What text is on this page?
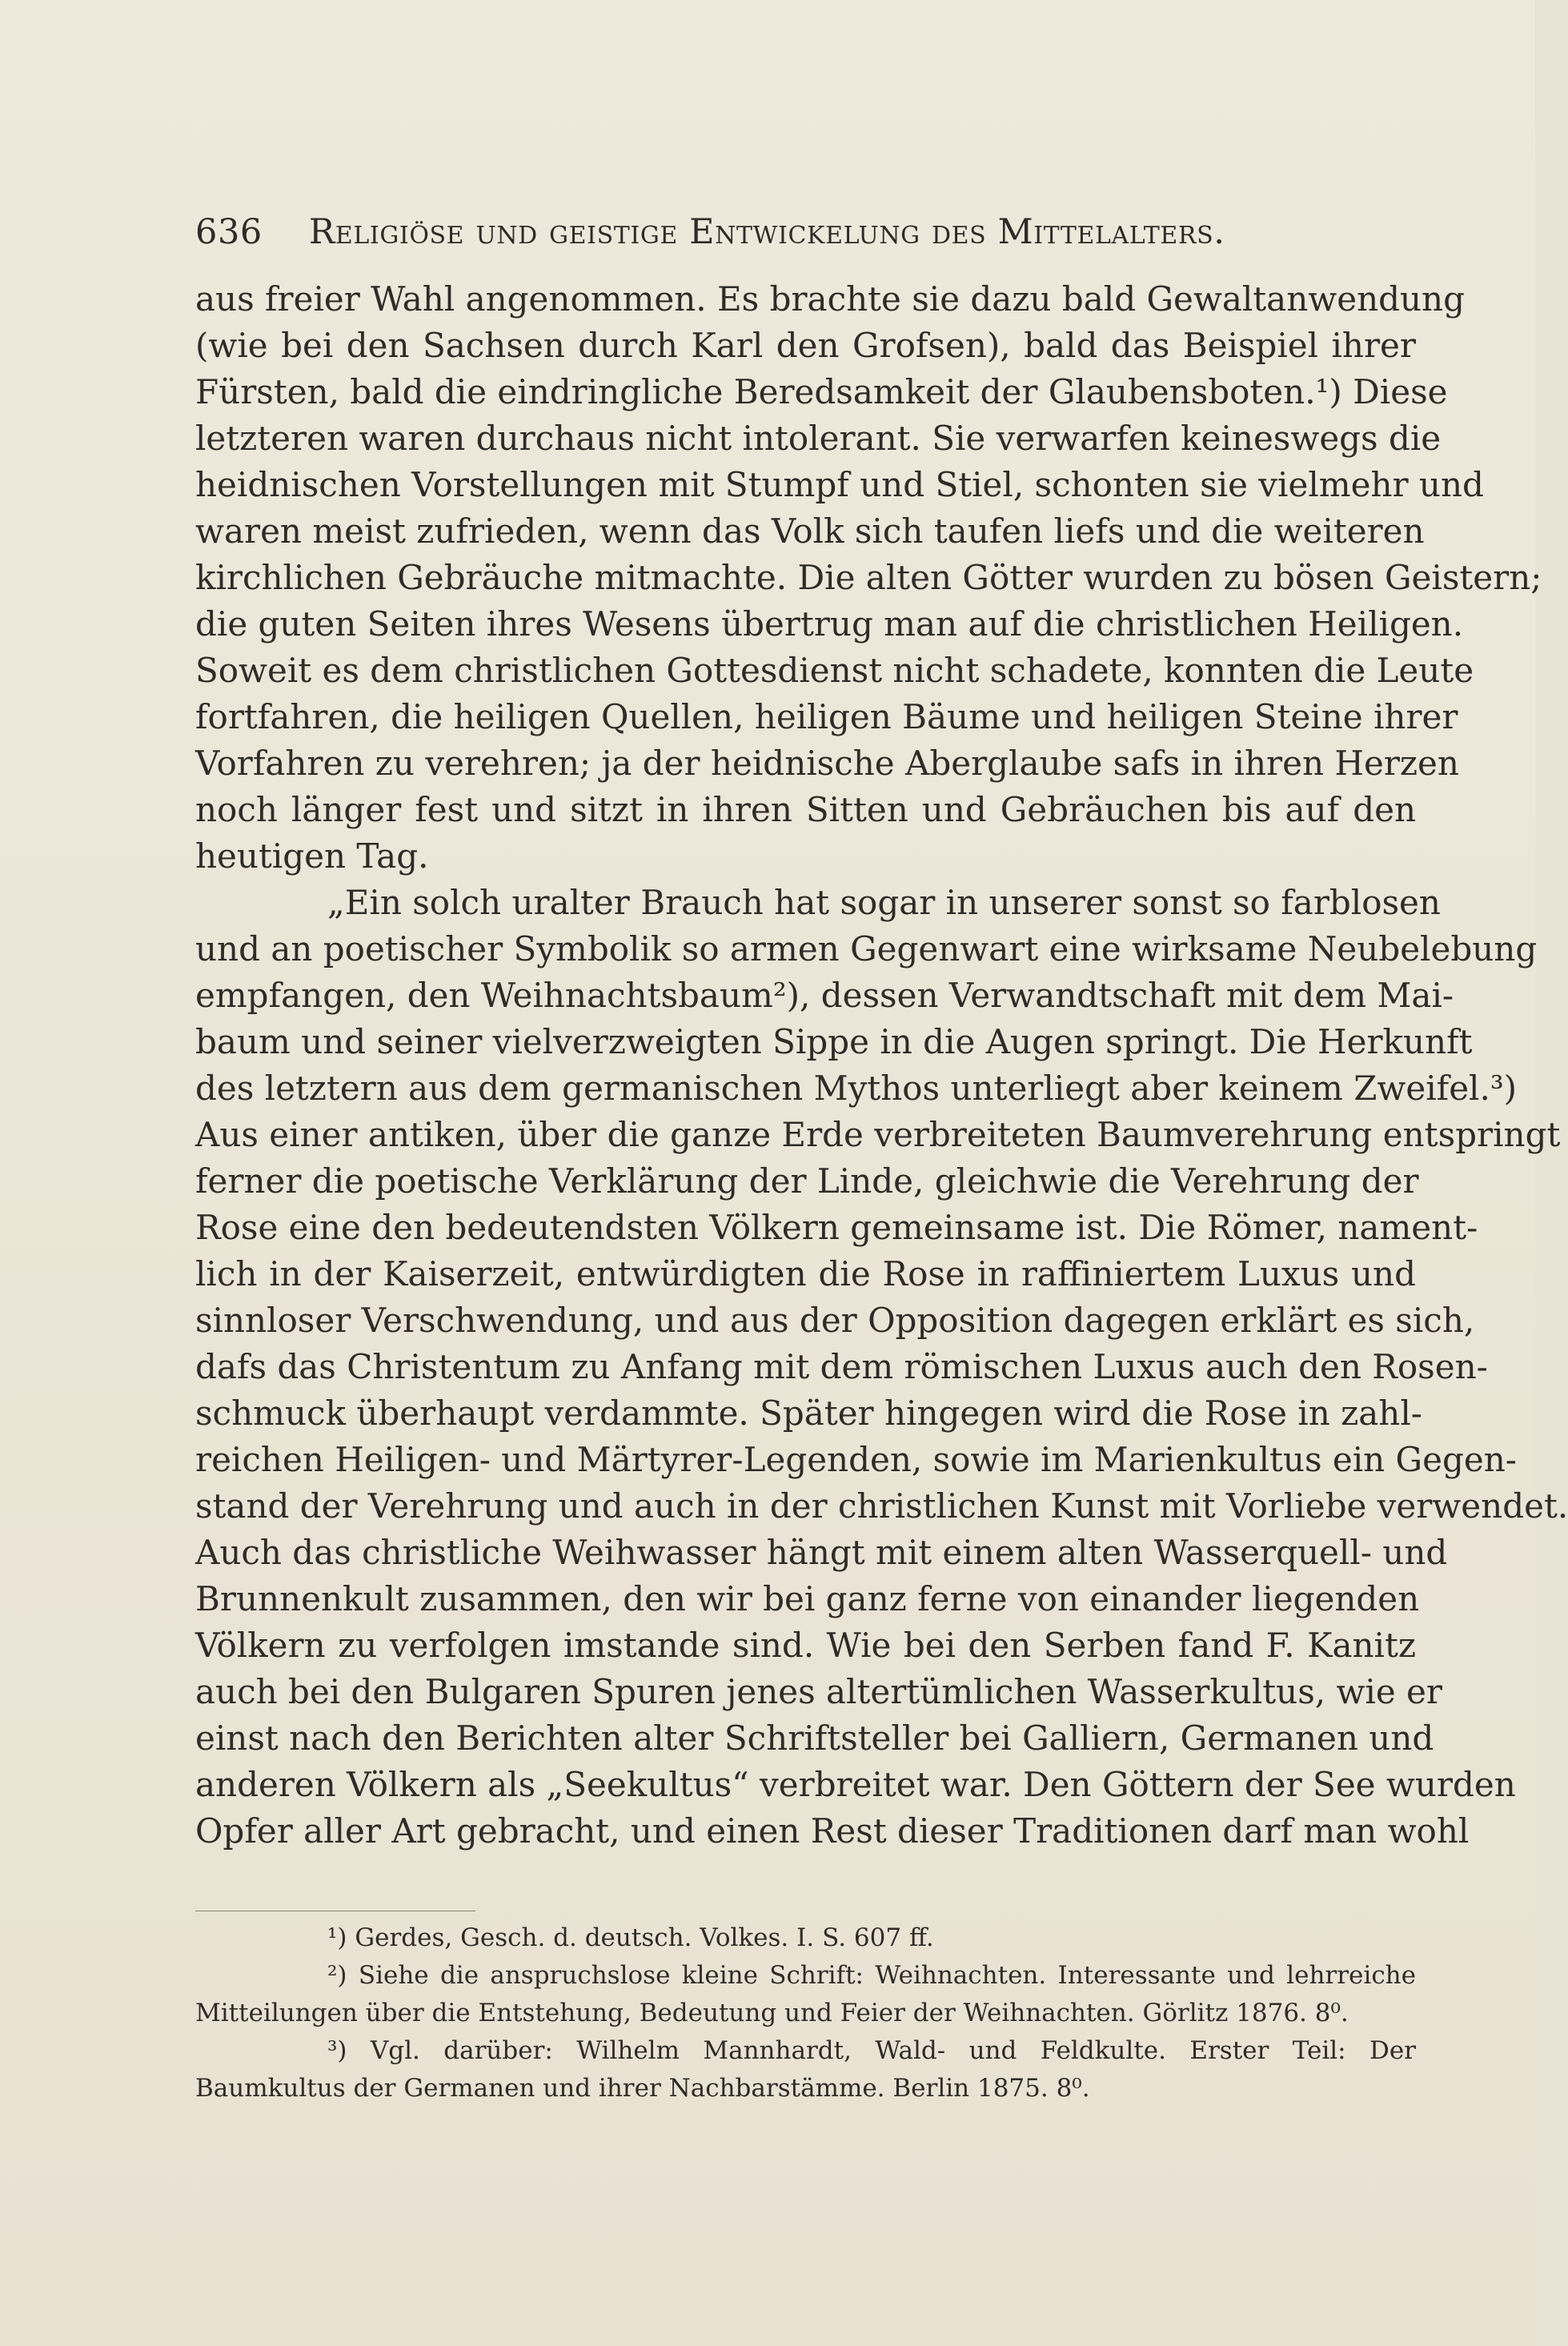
636 Religiöse und geistige Entwickelung des Mittelalters.
aus freier Wahl angenommen. Es brachte sie dazu bald Gewaltanwendung
(wie bei den Sachsen durch Karl den Grofsen), bald das Beispiel ihrer
Fürsten, bald die eindringliche Beredsamkeit der Glaubensboten.¹) Diese
letzteren waren durchaus nicht intolerant. Sie verwarfen keineswegs die
heidnischen Vorstellungen mit Stumpf und Stiel, schonten sie vielmehr und
waren meist zufrieden, wenn das Volk sich taufen liefs und die weiteren
kirchlichen Gebräuche mitmachte. Die alten Götter wurden zu bösen Geistern;
die guten Seiten ihres Wesens übertrug man auf die christlichen Heiligen.
Soweit es dem christlichen Gottesdienst nicht schadete, konnten die Leute
fortfahren, die heiligen Quellen, heiligen Bäume und heiligen Steine ihrer
Vorfahren zu verehren; ja der heidnische Aberglaube safs in ihren Herzen
noch länger fest und sitzt in ihren Sitten und Gebräuchen bis auf den
heutigen Tag.
„Ein solch uralter Brauch hat sogar in unserer sonst so farblosen
und an poetischer Symbolik so armen Gegenwart eine wirksame Neubelebung
empfangen, den Weihnachtsbaum²), dessen Verwandtschaft mit dem Mai-
baum und seiner vielverzweigten Sippe in die Augen springt. Die Herkunft
des letztern aus dem germanischen Mythos unterliegt aber keinem Zweifel.³)
Aus einer antiken, über die ganze Erde verbreiteten Baumverehrung entspringt
ferner die poetische Verklärung der Linde, gleichwie die Verehrung der
Rose eine den bedeutendsten Völkern gemeinsame ist. Die Römer, nament-
lich in der Kaiserzeit, entwürdigten die Rose in raffiniertem Luxus und
sinnloser Verschwendung, und aus der Opposition dagegen erklärt es sich,
dafs das Christentum zu Anfang mit dem römischen Luxus auch den Rosen-
schmuck überhaupt verdammte. Später hingegen wird die Rose in zahl-
reichen Heiligen- und Märtyrer-Legenden, sowie im Marienkultus ein Gegen-
stand der Verehrung und auch in der christlichen Kunst mit Vorliebe verwendet.
Auch das christliche Weihwasser hängt mit einem alten Wasserquell- und
Brunnenkult zusammen, den wir bei ganz ferne von einander liegenden
Völkern zu verfolgen imstande sind. Wie bei den Serben fand F. Kanitz
auch bei den Bulgaren Spuren jenes altertümlichen Wasserkultus, wie er
einst nach den Berichten alter Schriftsteller bei Galliern, Germanen und
anderen Völkern als „Seekultus“ verbreitet war. Den Göttern der See wurden
Opfer aller Art gebracht, und einen Rest dieser Traditionen darf man wohl
¹) Gerdes, Gesch. d. deutsch. Volkes. I. S. 607 ff.
²) Siehe die anspruchslose kleine Schrift: Weihnachten. Interessante und lehrreiche
Mitteilungen über die Entstehung, Bedeutung und Feier der Weihnachten. Görlitz 1876. 8⁰.
³) Vgl. darüber: Wilhelm Mannhardt, Wald- und Feldkulte. Erster Teil: Der
Baumkultus der Germanen und ihrer Nachbarstämme. Berlin 1875. 8⁰.
